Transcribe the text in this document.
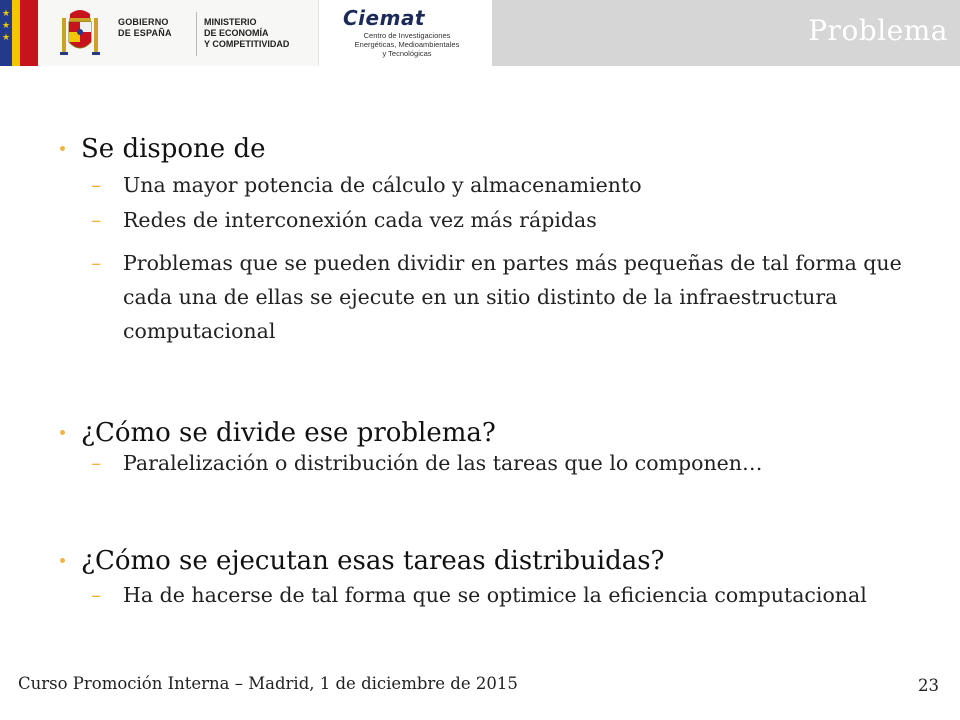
★
★
★
GOBIERNO
DE ESPAÑA
MINISTERIO
DE ECONOMÍA
Y COMPETITIVIDAD
Ciemat
Centro de Investigaciones
Energéticas, Medioambientales
y Tecnológicas
Problema
Se dispone de
– Una mayor potencia de cálculo y almacenamiento
– Redes de interconexión cada vez más rápidas
– Problemas que se pueden dividir en partes más pequeñas de tal forma que cada una de ellas se ejecute en un sitio distinto de la infraestructura computacional
¿Cómo se divide ese problema?
– Paralelización o distribución de las tareas que lo componen…
¿Cómo se ejecutan esas tareas distribuidas?
– Ha de hacerse de tal forma que se optimice la eficiencia computacional
Curso Promoción Interna – Madrid, 1 de diciembre de 2015	23
